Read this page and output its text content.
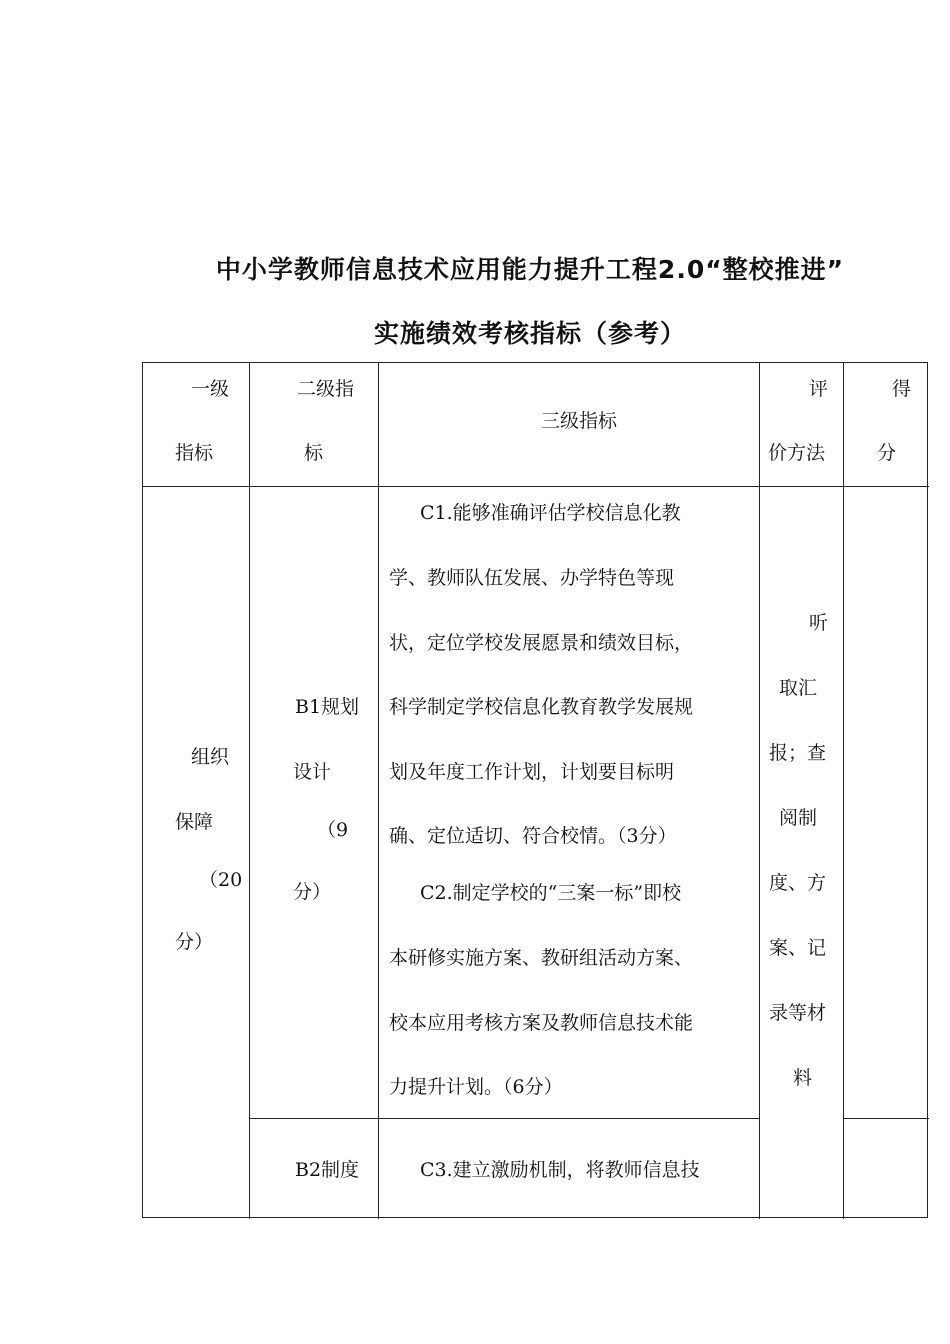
中小学教师信息技术应用能力提升工程2.0“整校推进”
实施绩效考核指标（参考）
一级
指标
二级指
标
三级指标
评
价方法
得
分
组织
保障
（20
分）
B1规划
设计
（9
分）
C1.能够准确评估学校信息化教
学、教师队伍发展、办学特色等现
状，定位学校发展愿景和绩效目标，
科学制定学校信息化教育教学发展规
划及年度工作计划，计划要目标明
确、定位适切、符合校情。（3分）
C2.制定学校的“三案一标”即校
本研修实施方案、教研组活动方案、
校本应用考核方案及教师信息技术能
力提升计划。（6分）
听
取汇
报；查
阅制
度、方
案、记
录等材
料
B2制度	C3.建立激励机制，将教师信息技
